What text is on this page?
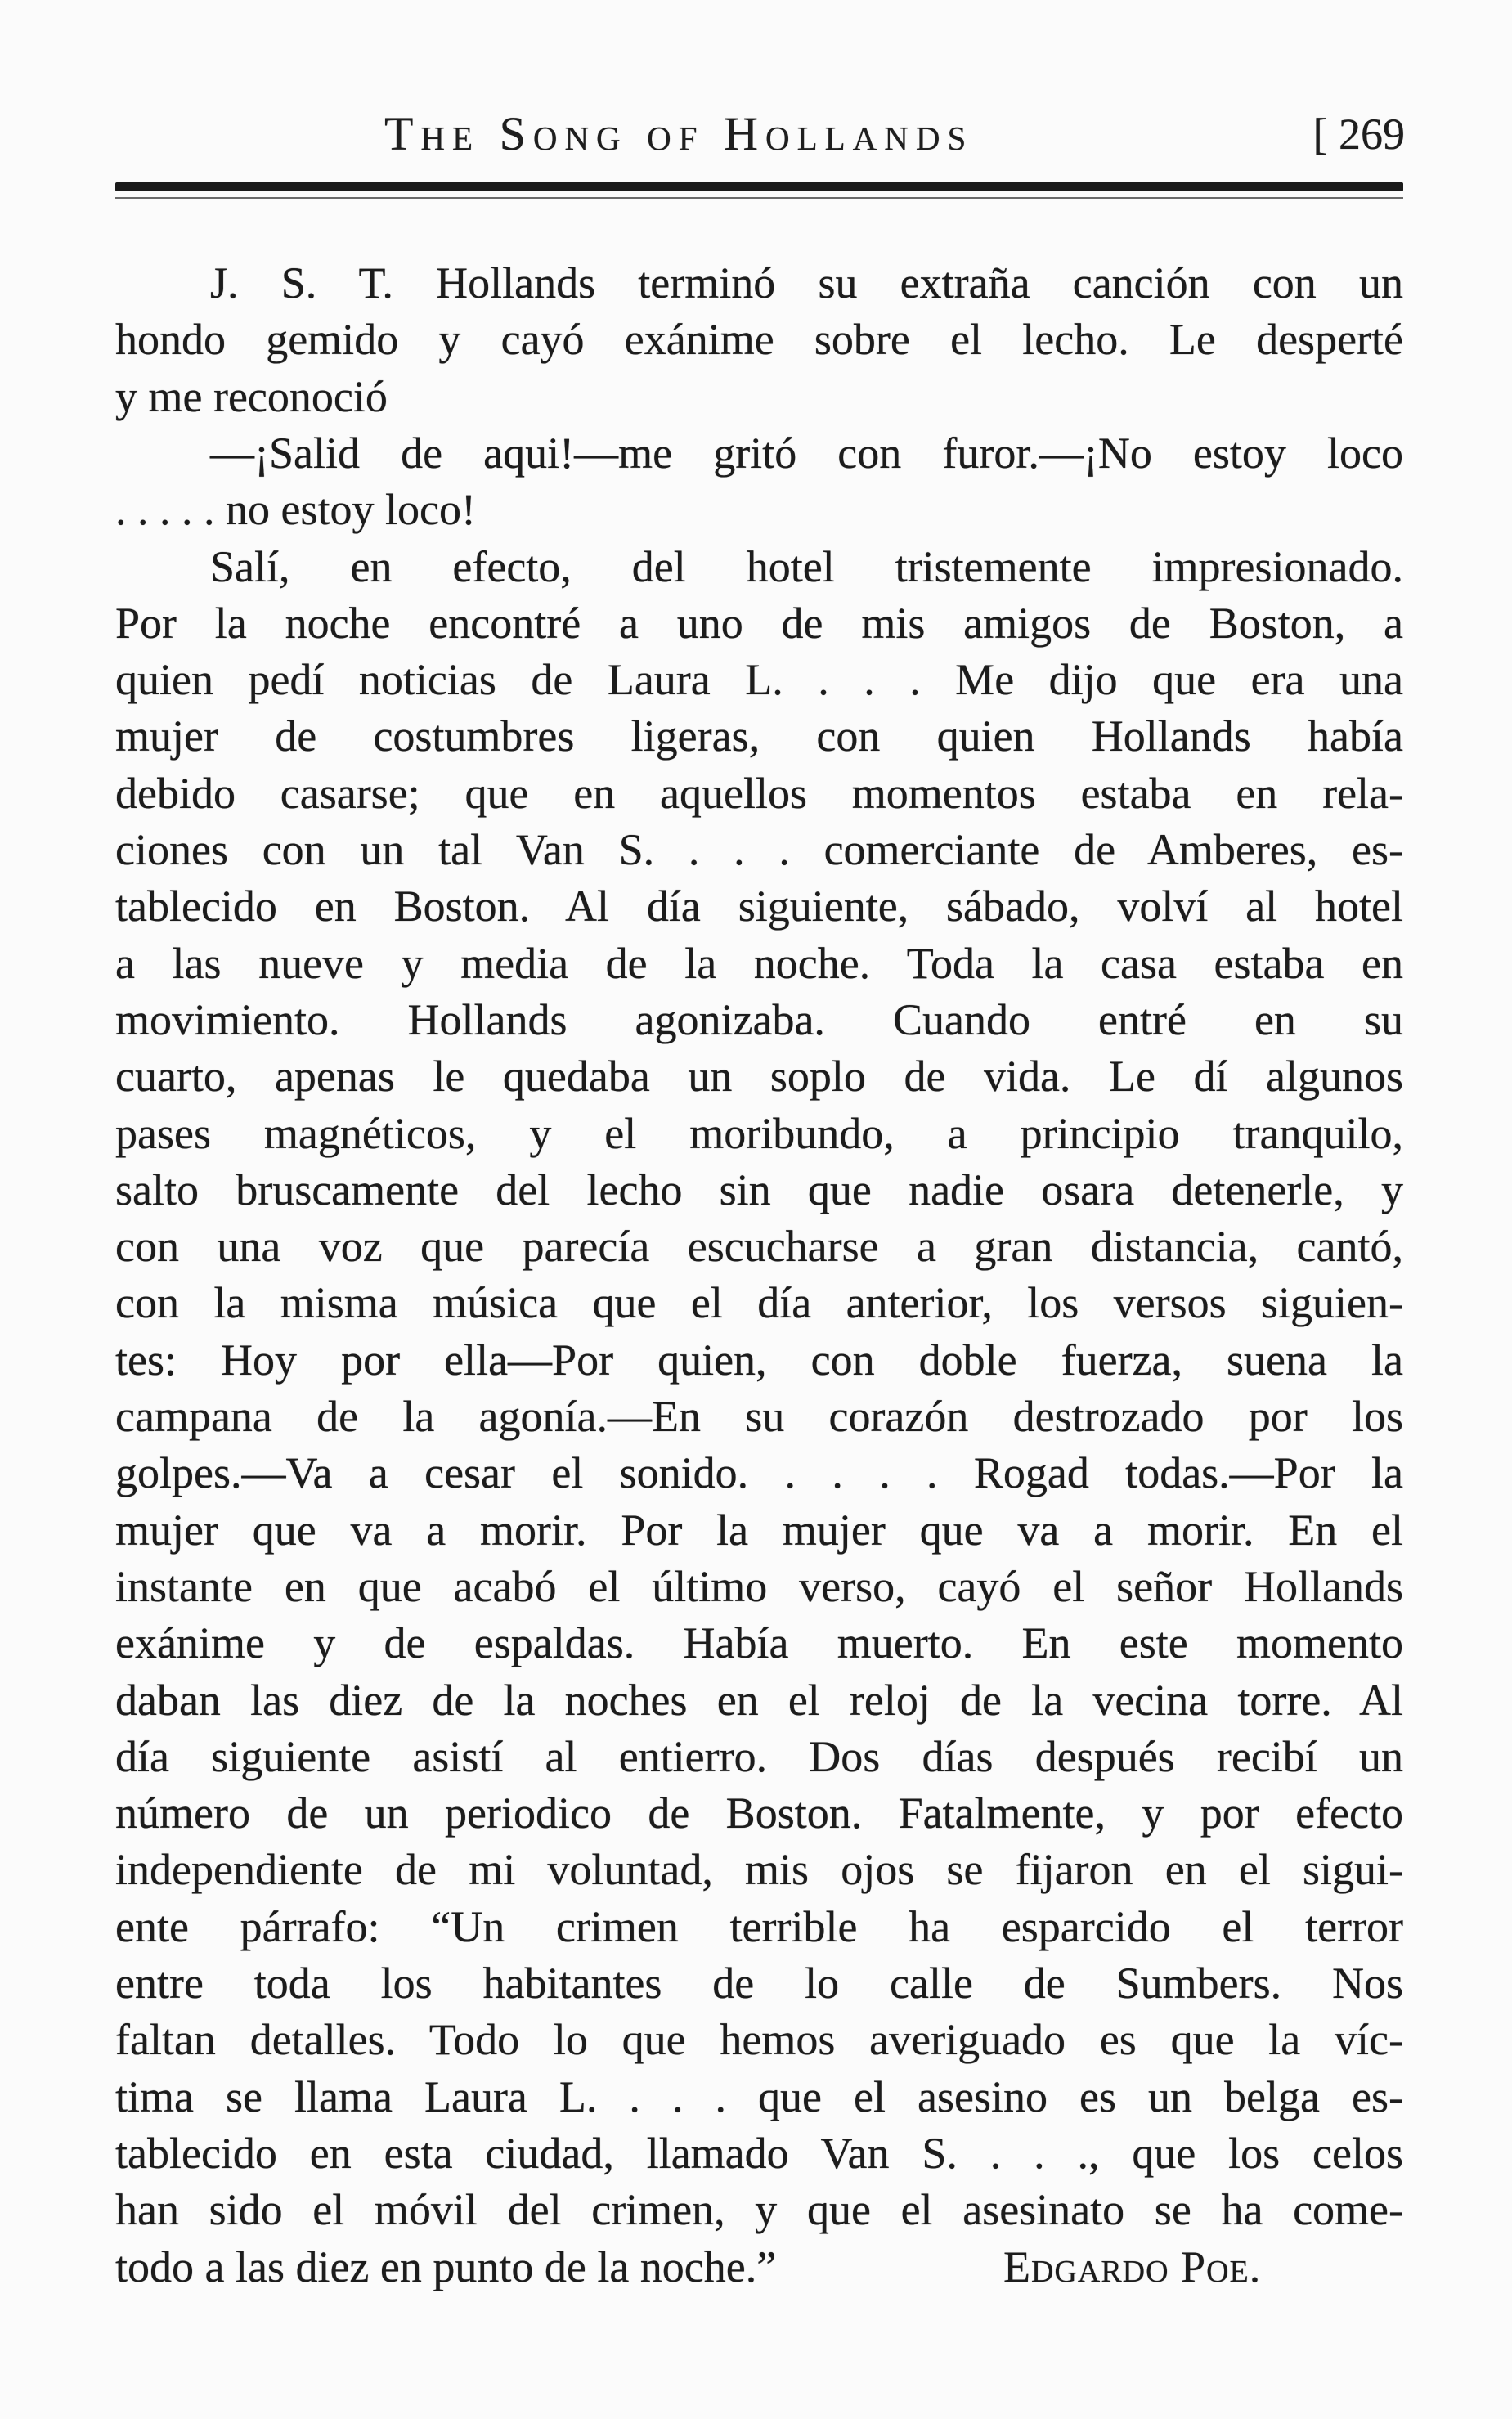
The Song of Hollands	[ 269
J. S. T. Hollands terminó su extraña canción con un
hondo gemido y cayó exánime sobre el lecho. Le desperté
y me reconoció
—¡Salid de aqui!—me gritó con furor.—¡No estoy loco
. . . . . no estoy loco!
Salí, en efecto, del hotel tristemente impresionado.
Por la noche encontré a uno de mis amigos de Boston, a
quien pedí noticias de Laura L. . . . Me dijo que era una
mujer de costumbres ligeras, con quien Hollands había
debido casarse; que en aquellos momentos estaba en rela-
ciones con un tal Van S. . . . comerciante de Amberes, es-
tablecido en Boston. Al día siguiente, sábado, volví al hotel
a las nueve y media de la noche. Toda la casa estaba en
movimiento. Hollands agonizaba. Cuando entré en su
cuarto, apenas le quedaba un soplo de vida. Le dí algunos
pases magnéticos, y el moribundo, a principio tranquilo,
salto bruscamente del lecho sin que nadie osara detenerle, y
con una voz que parecía escucharse a gran distancia, cantó,
con la misma música que el día anterior, los versos siguien-
tes: Hoy por ella—Por quien, con doble fuerza, suena la
campana de la agonía.—En su corazón destrozado por los
golpes.—Va a cesar el sonido. . . . . Rogad todas.—Por la
mujer que va a morir. Por la mujer que va a morir. En el
instante en que acabó el último verso, cayó el señor Hollands
exánime y de espaldas. Había muerto. En este momento
daban las diez de la noches en el reloj de la vecina torre. Al
día siguiente asistí al entierro. Dos días después recibí un
número de un periodico de Boston. Fatalmente, y por efecto
independiente de mi voluntad, mis ojos se fijaron en el sigui-
ente párrafo: “Un crimen terrible ha esparcido el terror
entre toda los habitantes de lo calle de Sumbers. Nos
faltan detalles. Todo lo que hemos averiguado es que la víc-
tima se llama Laura L. . . . que el asesino es un belga es-
tablecido en esta ciudad, llamado Van S. . . ., que los celos
han sido el móvil del crimen, y que el asesinato se ha come-
todo a las diez en punto de la noche.”	Edgardo Poe.
